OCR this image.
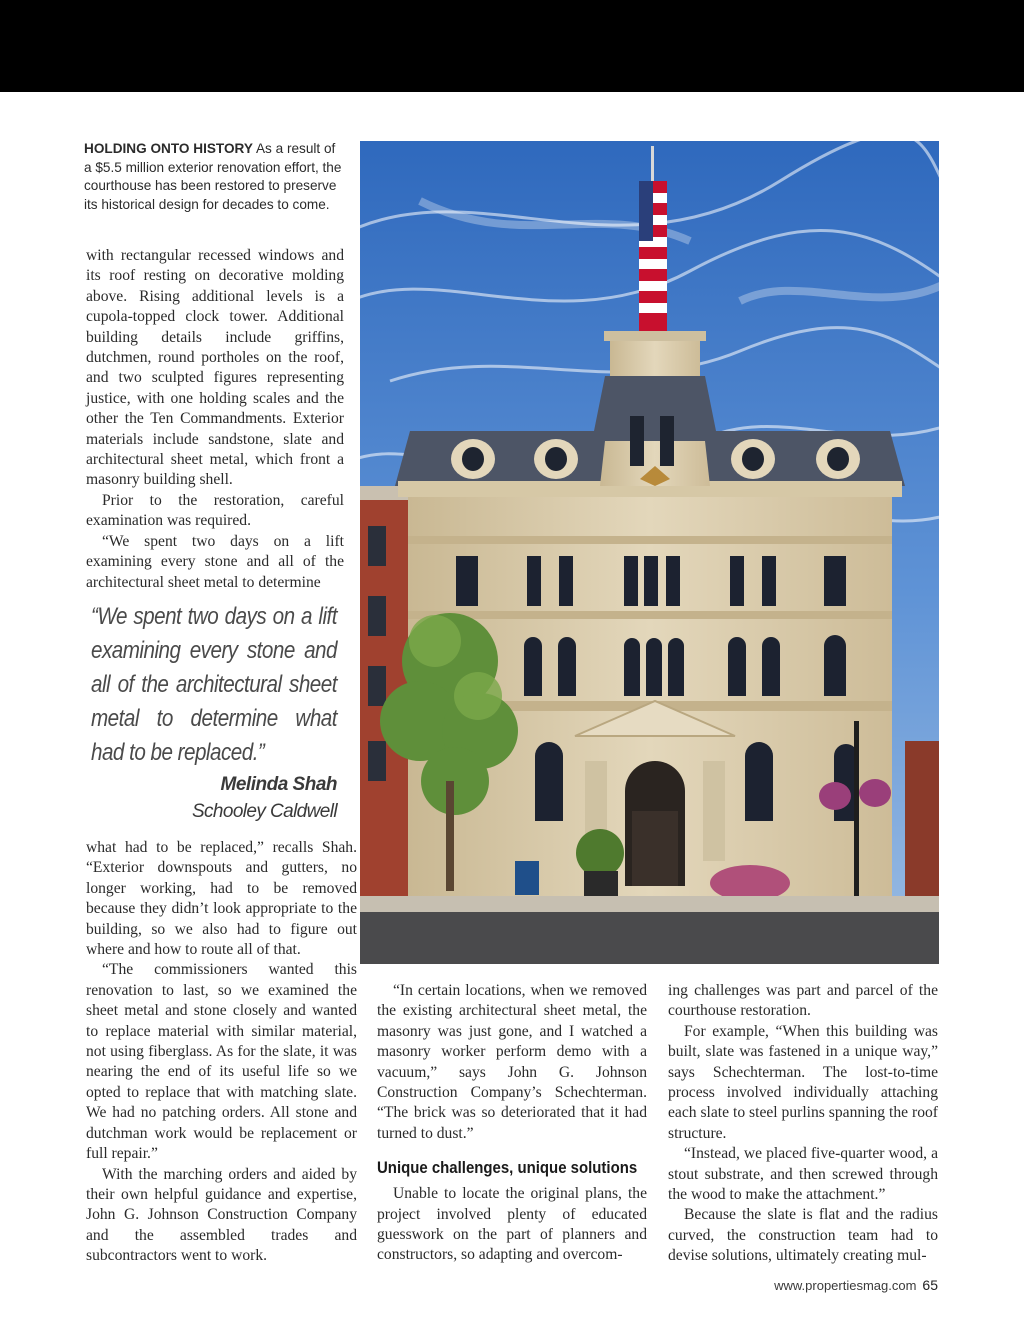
HOLDING ONTO HISTORY As a result of a $5.5 million exterior renovation effort, the courthouse has been restored to preserve its historical design for decades to come.

with rectangular recessed windows and its roof resting on decorative molding above. Rising additional levels is a cupola-topped clock tower. Additional building details include griffins, dutchmen, round portholes on the roof, and two sculpted figures representing justice, with one holding scales and the other the Ten Commandments. Exterior materials include sandstone, slate and architectural sheet metal, which front a masonry building shell.

Prior to the restoration, careful examination was required.

“We spent two days on a lift examining every stone and all of the architectural sheet metal to determine

“We spent two days on a lift examining every stone and all of the architectural sheet metal to determine what had to be replaced.”
Melinda Shah
Schooley Caldwell

what had to be replaced,” recalls Shah. “Exterior downspouts and gutters, no longer working, had to be removed because they didn’t look appropriate to the building, so we also had to figure out where and how to route all of that.

“The commissioners wanted this renovation to last, so we examined the sheet metal and stone closely and wanted to replace material with similar material, not using fiberglass. As for the slate, it was nearing the end of its useful life so we opted to replace that with matching slate. We had no patching orders. All stone and dutchman work would be replacement or full repair.”

With the marching orders and aided by their own helpful guidance and expertise, John G. Johnson Construction Company and the assembled trades and subcontractors went to work.

“In certain locations, when we removed the existing architectural sheet metal, the masonry was just gone, and I watched a masonry worker perform demo with a vacuum,” says John G. Johnson Construction Company’s Schechterman. “The brick was so deteriorated that it had turned to dust.”

Unique challenges, unique solutions

Unable to locate the original plans, the project involved plenty of educated guesswork on the part of planners and constructors, so adapting and overcom-

ing challenges was part and parcel of the courthouse restoration.

For example, “When this building was built, slate was fastened in a unique way,” says Schechterman. The lost-to-time process involved individually attaching each slate to steel purlins spanning the roof structure.

“Instead, we placed five-quarter wood, a stout substrate, and then screwed through the wood to make the attachment.”

Because the slate is flat and the radius curved, the construction team had to devise solutions, ultimately creating mul-

www.propertiesmag.com 65
